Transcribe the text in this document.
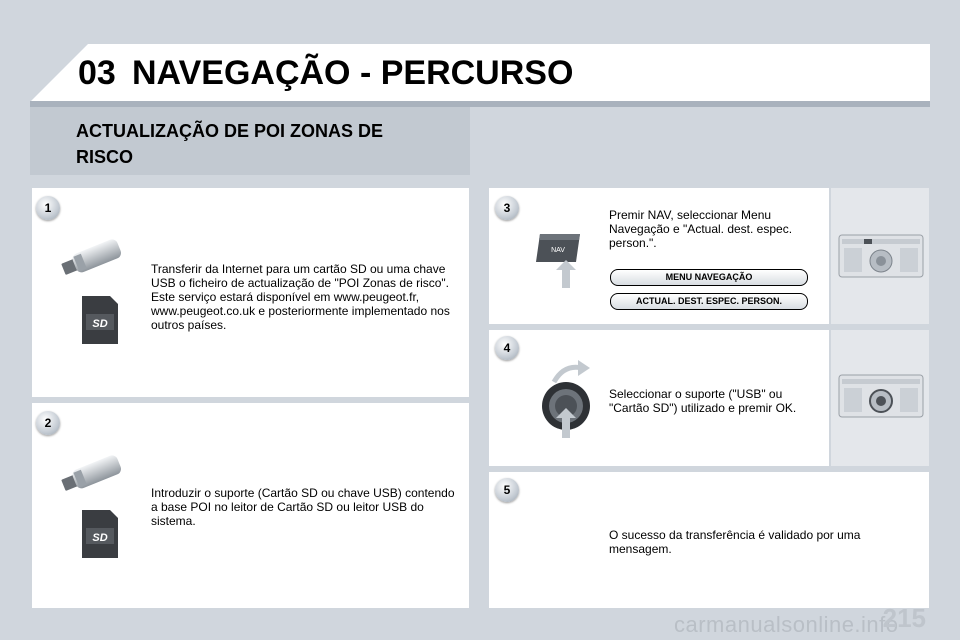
03 NAVEGAÇÃO - PERCURSO
ACTUALIZAÇÃO DE POI ZONAS DE RISCO
1
2
3
4
5
SD
Transferir da Internet para um cartão SD ou uma chave USB o ficheiro de actualização de "POI Zonas de risco". Este serviço estará disponível em www.peugeot.fr, www.peugeot.co.uk e posteriormente implementado nos outros países.
SD
Introduzir o suporte (Cartão SD ou chave USB) contendo a base POI no leitor de Cartão SD ou leitor USB do sistema.
NAV
Premir NAV, seleccionar Menu Navegação e "Actual. dest. espec. person.".
MENU NAVEGAÇÃO
ACTUAL. DEST. ESPEC. PERSON.
Seleccionar o suporte ("USB" ou "Cartão SD") utilizado e premir OK.
O sucesso da transferência é validado por uma mensagem.
carmanualsonline.info
215
